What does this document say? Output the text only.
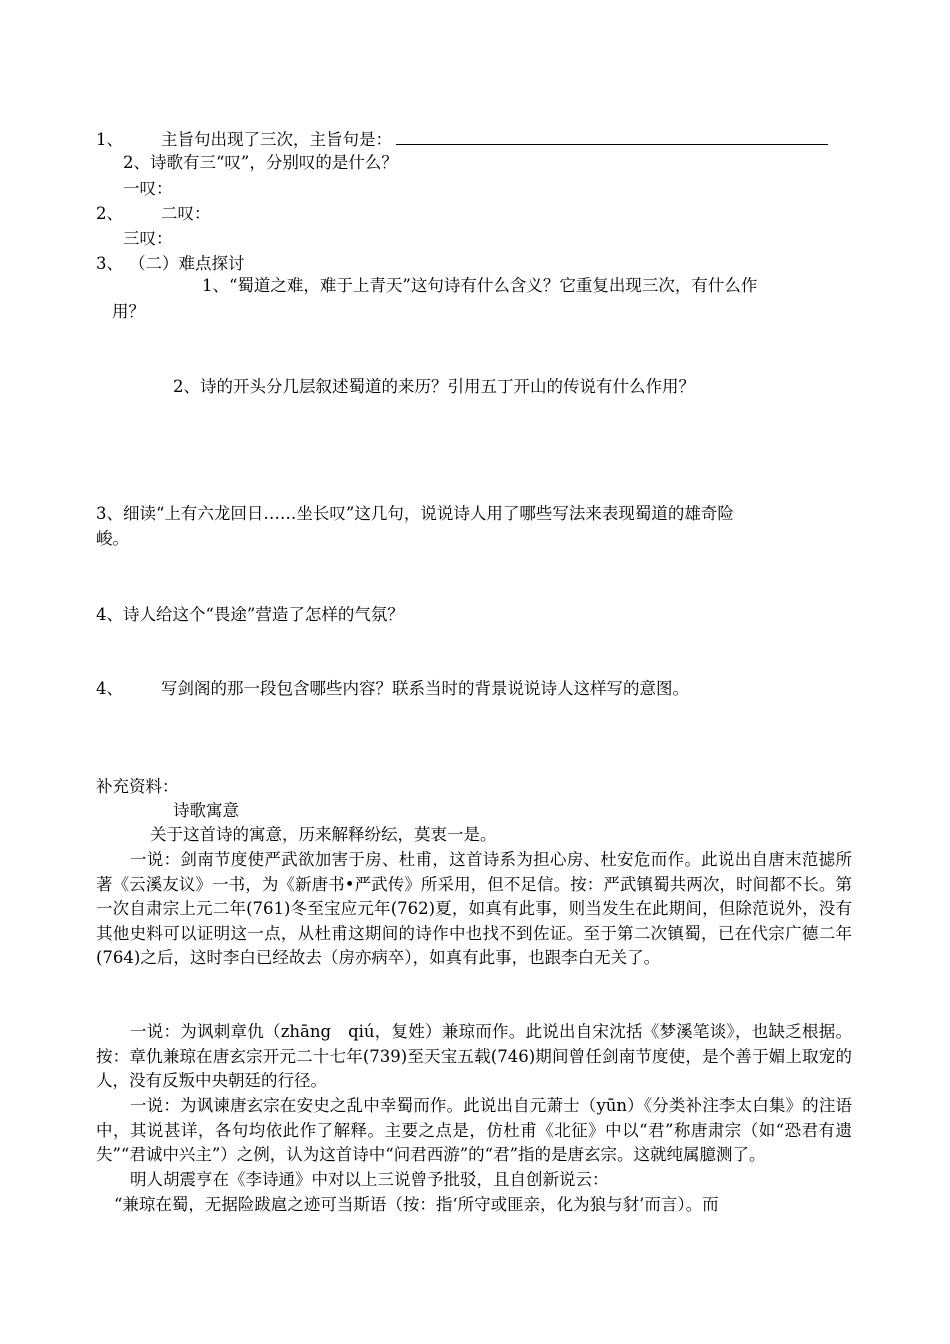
1、 主旨句出现了三次，主旨句是：
2、诗歌有三“叹”，分别叹的是什么？
一叹：
2、 二叹：
三叹：
3、 （二）难点探讨
1、“蜀道之难，难于上青天”这句诗有什么含义？它重复出现三次，有什么作
用？
2、诗的开头分几层叙述蜀道的来历？引用五丁开山的传说有什么作用？
3、细读“上有六龙回日……坐长叹”这几句，说说诗人用了哪些写法来表现蜀道的雄奇险
峻。
4、诗人给这个“畏途”营造了怎样的气氛？
4、 写剑阁的那一段包含哪些内容？联系当时的背景说说诗人这样写的意图。
补充资料：
诗歌寓意
关于这首诗的寓意，历来解释纷纭，莫衷一是。
一说：剑南节度使严武欲加害于房、杜甫，这首诗系为担心房、杜安危而作。此说出自唐末范摅所著《云溪友议》一书，为《新唐书•严武传》所采用，但不足信。按：严武镇蜀共两次，时间都不长。第一次自肃宗上元二年(761)冬至宝应元年(762)夏，如真有此事，则当发生在此期间，但除范说外，没有其他史料可以证明这一点，从杜甫这期间的诗作中也找不到佐证。至于第二次镇蜀，已在代宗广德二年(764)之后，这时李白已经故去（房亦病卒），如真有此事，也跟李白无关了。
一说：为讽刺章仇（zhāng　qiú，复姓）兼琼而作。此说出自宋沈括《梦溪笔谈》，也缺乏根据。按：章仇兼琼在唐玄宗开元二十七年(739)至天宝五载(746)期间曾任剑南节度使，是个善于媚上取宠的人，没有反叛中央朝廷的行径。
一说：为讽谏唐玄宗在安史之乱中幸蜀而作。此说出自元萧士（yūn）《分类补注李太白集》的注语中，其说甚详，各句均依此作了解释。主要之点是，仿杜甫《北征》中以“君”称唐肃宗（如“恐君有遗失”“君诚中兴主”）之例，认为这首诗中“问君西游”的“君”指的是唐玄宗。这就纯属臆测了。
明人胡震亨在《李诗通》中对以上三说曾予批驳，且自创新说云：
“兼琼在蜀，无据险跋扈之迹可当斯语（按：指‘所守或匪亲，化为狼与豺’而言）。而
